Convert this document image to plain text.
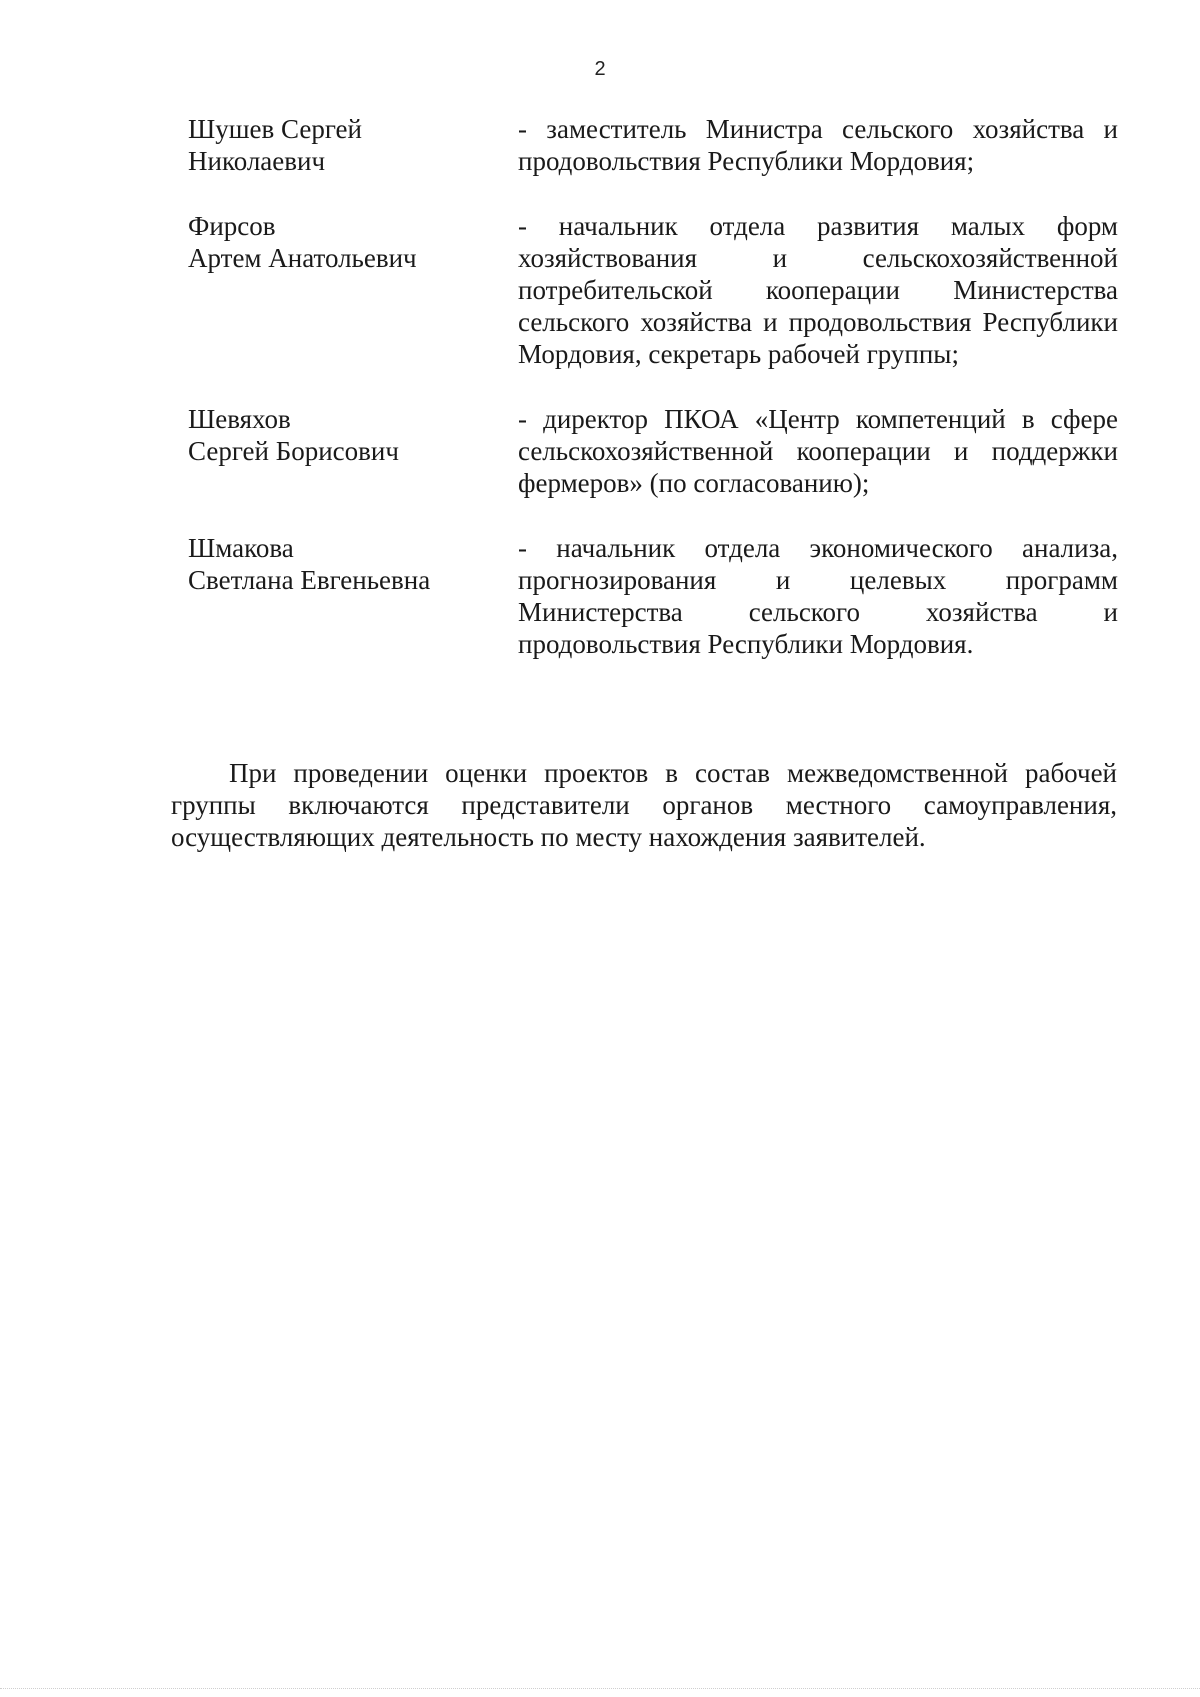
2
Шушев Сергей
Николаевич
- заместитель Министра сельского хозяйства и продовольствия Республики Мордовия;
Фирсов
Артем Анатольевич
- начальник отдела развития малых форм хозяйствования и сельскохозяйственной потребительской кооперации Министерства сельского хозяйства и продовольствия Республики Мордовия, секретарь рабочей группы;
Шевяхов
Сергей Борисович
- директор ПКОА «Центр компетенций в сфере сельскохозяйственной кооперации и поддержки фермеров» (по согласованию);
Шмакова
Светлана Евгеньевна
- начальник отдела экономического анализа, прогнозирования и целевых программ Министерства сельского хозяйства и продовольствия Республики Мордовия.

При проведении оценки проектов в состав межведомственной рабочей группы включаются представители органов местного самоуправления, осуществляющих деятельность по месту нахождения заявителей.
